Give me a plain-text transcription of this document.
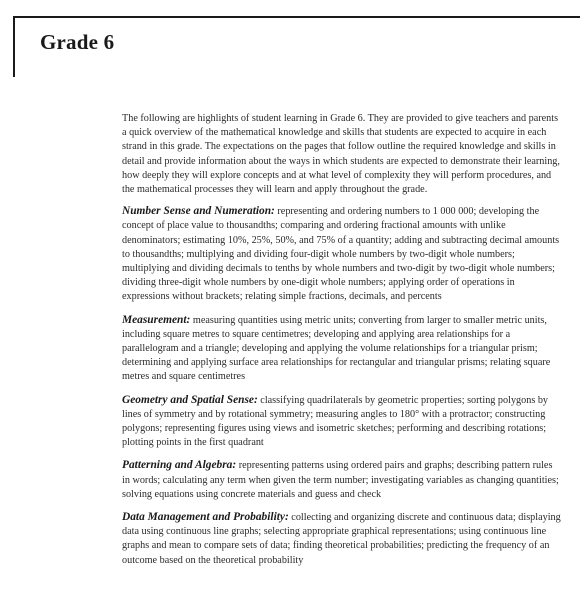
Grade 6

The following are highlights of student learning in Grade 6. They are provided to give teachers and parents a quick overview of the mathematical knowledge and skills that students are expected to acquire in each strand in this grade. The expectations on the pages that follow outline the required knowledge and skills in detail and provide information about the ways in which students are expected to demonstrate their learning, how deeply they will explore concepts and at what level of complexity they will perform procedures, and the mathematical processes they will learn and apply throughout the grade.

Number Sense and Numeration: representing and ordering numbers to 1 000 000; developing the concept of place value to thousandths; comparing and ordering fractional amounts with unlike denominators; estimating 10%, 25%, 50%, and 75% of a quantity; adding and subtracting decimal amounts to thousandths; multiplying and dividing four-digit whole numbers by two-digit whole numbers; multiplying and dividing decimals to tenths by whole numbers and two-digit by two-digit whole numbers; dividing three-digit whole numbers by one-digit whole numbers; applying order of operations in expressions without brackets; relating simple fractions, decimals, and percents

Measurement: measuring quantities using metric units; converting from larger to smaller metric units, including square metres to square centimetres; developing and applying area relationships for a parallelogram and a triangle; developing and applying the volume relationships for a triangular prism; determining and applying surface area relationships for rectangular and triangular prisms; relating square metres and square centimetres

Geometry and Spatial Sense: classifying quadrilaterals by geometric properties; sorting polygons by lines of symmetry and by rotational symmetry; measuring angles to 180° with a protractor; constructing polygons; representing figures using views and isometric sketches; performing and describing rotations; plotting points in the first quadrant

Patterning and Algebra: representing patterns using ordered pairs and graphs; describing pattern rules in words; calculating any term when given the term number; investigating variables as changing quantities; solving equations using concrete materials and guess and check

Data Management and Probability: collecting and organizing discrete and continuous data; displaying data using continuous line graphs; selecting appropriate graphical representations; using continuous line graphs and mean to compare sets of data; finding theoretical probabilities; predicting the frequency of an outcome based on the theoretical probability
